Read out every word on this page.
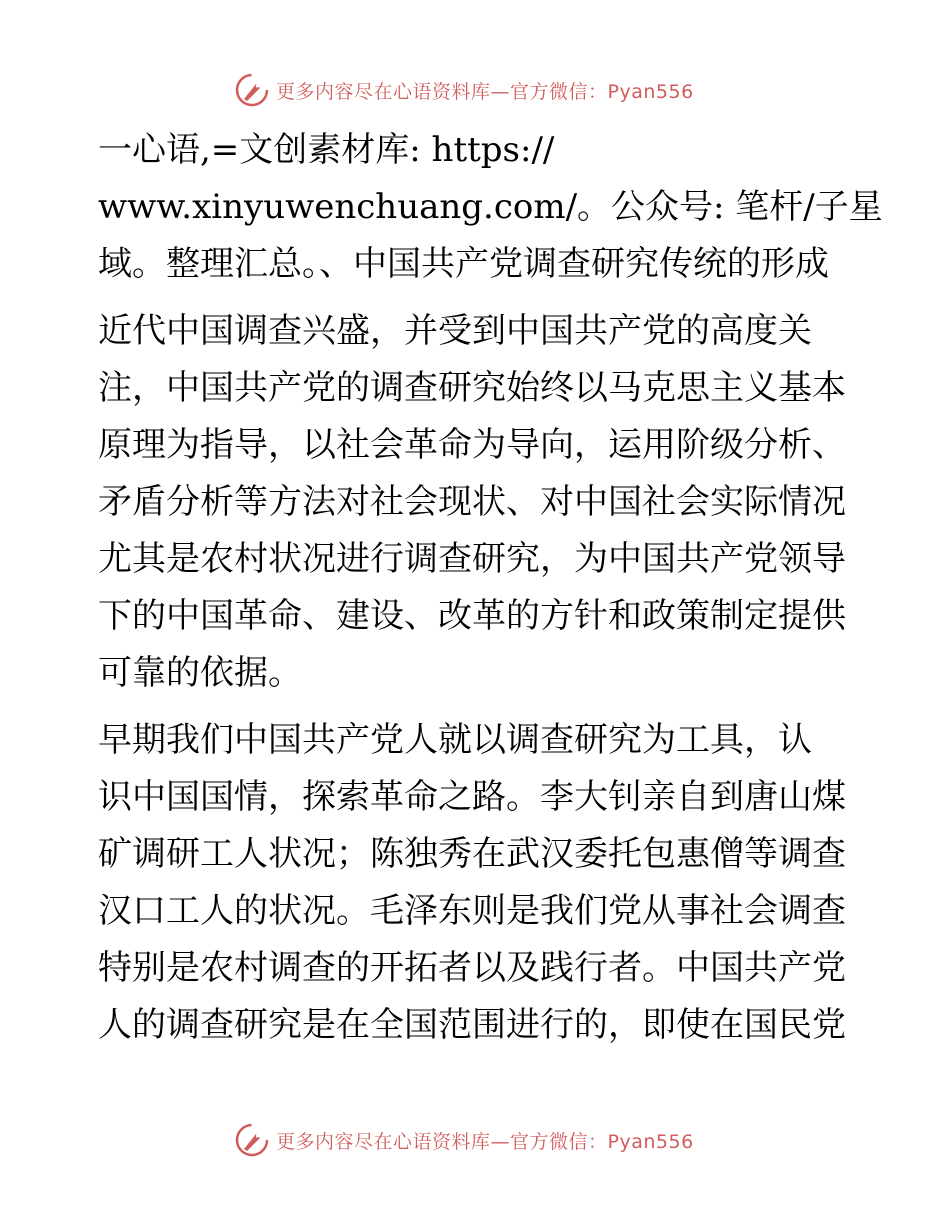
更多内容尽在心语资料库—官方微信：Pyan556
一心语,=文创素材库: https://
www.xinyuwenchuang.com/。公众号: 笔杆/子星
域。整理汇总。、中国共产党调查研究传统的形成
近代中国调查兴盛，并受到中国共产党的高度关
注，中国共产党的调查研究始终以马克思主义基本
原理为指导，以社会革命为导向，运用阶级分析、
矛盾分析等方法对社会现状、对中国社会实际情况
尤其是农村状况进行调查研究，为中国共产党领导
下的中国革命、建设、改革的方针和政策制定提供
可靠的依据。
早期我们中国共产党人就以调查研究为工具，认
识中国国情，探索革命之路。李大钊亲自到唐山煤
矿调研工人状况；陈独秀在武汉委托包惠僧等调查
汉口工人的状况。毛泽东则是我们党从事社会调查
特别是农村调查的开拓者以及践行者。中国共产党
人的调查研究是在全国范围进行的，即使在国民党
更多内容尽在心语资料库—官方微信：Pyan556
